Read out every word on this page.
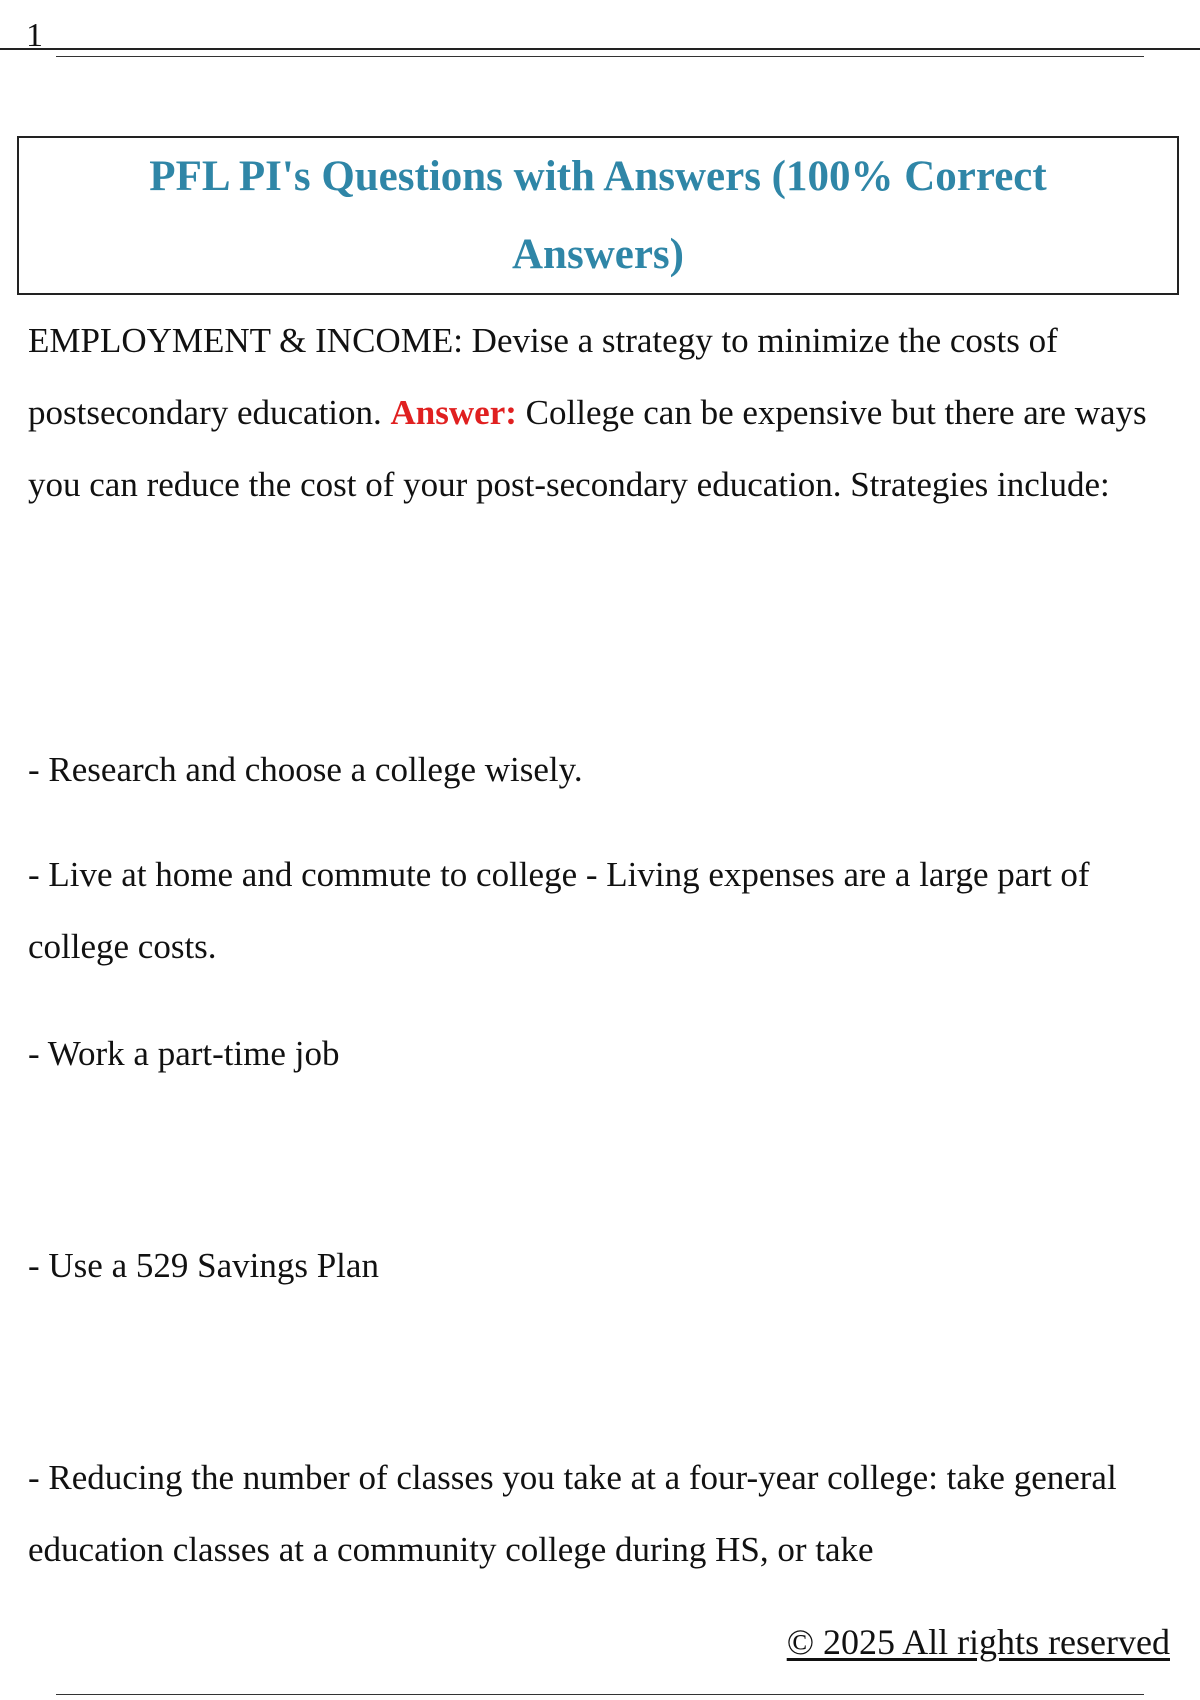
1
PFL PI's Questions with Answers (100% Correct Answers)

EMPLOYMENT & INCOME: Devise a strategy to minimize the costs of postsecondary education. Answer: College can be expensive but there are ways you can reduce the cost of your post-secondary education. Strategies include:

- Research and choose a college wisely.

- Live at home and commute to college - Living expenses are a large part of college costs.

- Work a part-time job

- Use a 529 Savings Plan

- Reducing the number of classes you take at a four-year college: take general education classes at a community college during HS, or take

© 2025 All rights reserved
